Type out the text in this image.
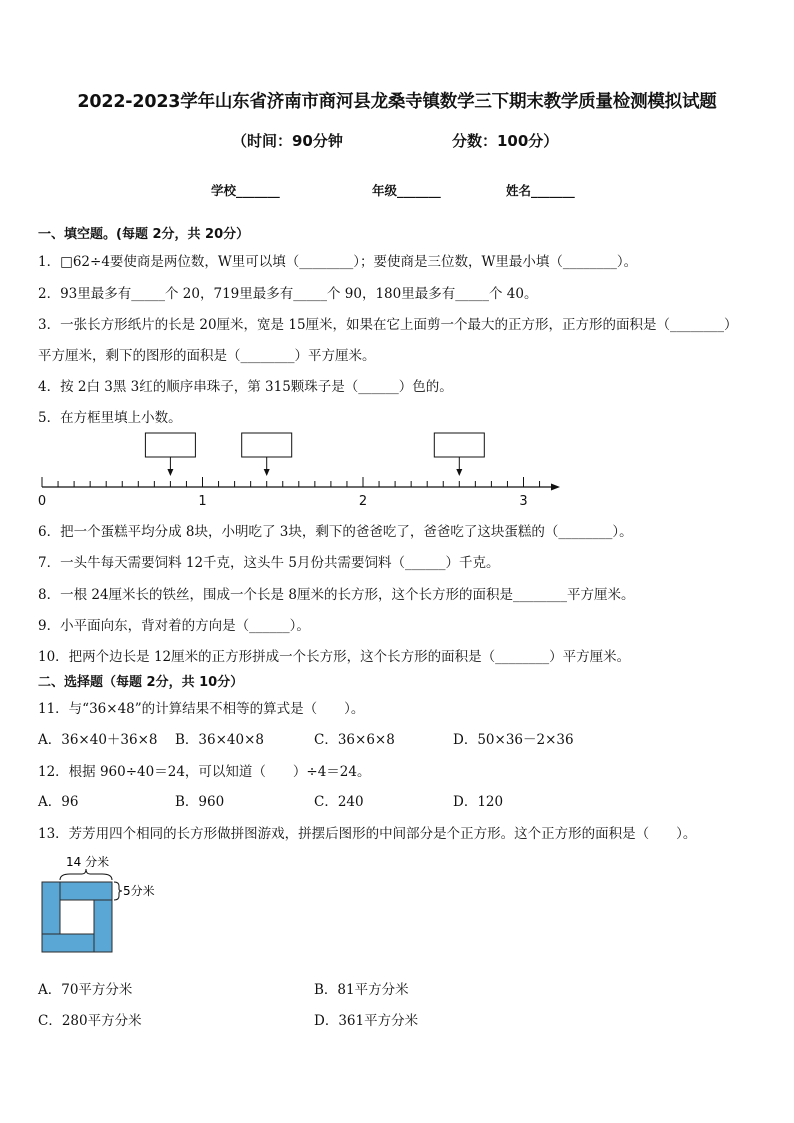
2022-2023学年山东省济南市商河县龙桑寺镇数学三下期末教学质量检测模拟试题
（时间：90分钟	分数：100分）
学校_______	年级_______	姓名_______
一、填空题。(每题 2分，共 20分）
1．□62÷4要使商是两位数，W里可以填（________）；要使商是三位数，W里最小填（________）。
2．93里最多有_____个 20，719里最多有_____个 90，180里最多有_____个 40。
3．一张长方形纸片的长是 20厘米，宽是 15厘米，如果在它上面剪一个最大的正方形，正方形的面积是（________）
平方厘米，剩下的图形的面积是（________）平方厘米。
4．按 2白 3黑 3红的顺序串珠子，第 315颗珠子是（______）色的。
5．在方框里填上小数。
0	1	2	3
6．把一个蛋糕平均分成 8块，小明吃了 3块，剩下的爸爸吃了，爸爸吃了这块蛋糕的（________）。
7．一头牛每天需要饲料 12千克，这头牛 5月份共需要饲料（______）千克。
8．一根 24厘米长的铁丝，围成一个长是 8厘米的长方形，这个长方形的面积是________平方厘米。
9．小平面向东，背对着的方向是（______）。
10．把两个边长是 12厘米的正方形拼成一个长方形，这个长方形的面积是（________）平方厘米。
二、选择题（每题 2分，共 10分）
11．与“36×48”的计算结果不相等的算式是（　　）。
A．36×40＋36×8 B．36×40×8	C．36×6×8	D．50×36－2×36
12．根据 960÷40＝24，可以知道（　　）÷4＝24。
A．96	B．960	C．240	D．120
13．芳芳用四个相同的长方形做拼图游戏，拼摆后图形的中间部分是个正方形。这个正方形的面积是（　　）。
14 分米
5分米
A．70平方分米	B．81平方分米
C．280平方分米	D．361平方分米
